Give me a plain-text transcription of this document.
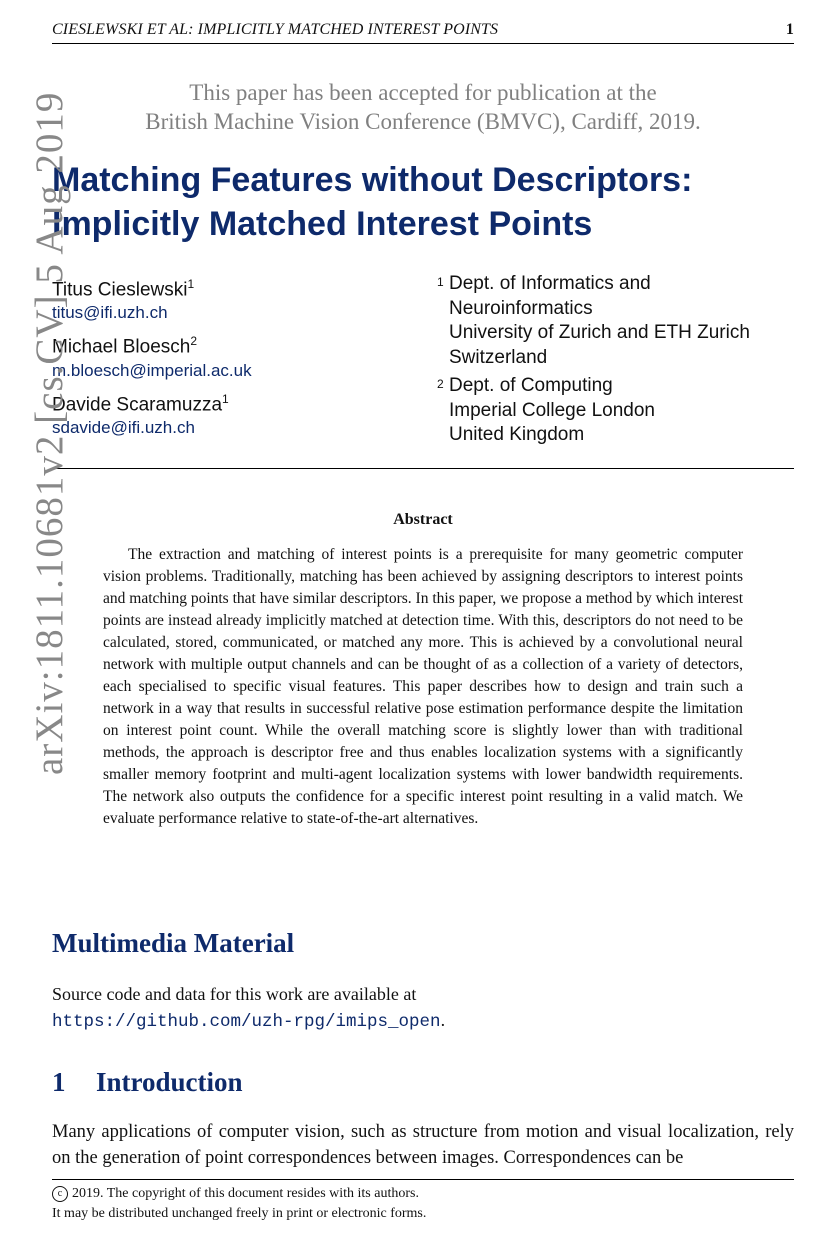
CIESLEWSKI ET AL: IMPLICITLY MATCHED INTEREST POINTS	1
This paper has been accepted for publication at the
British Machine Vision Conference (BMVC), Cardiff, 2019.
Matching Features without Descriptors:
Implicitly Matched Interest Points
Titus Cieslewski$^1$
titus@ifi.uzh.ch
Michael Bloesch$^2$
m.bloesch@imperial.ac.uk
Davide Scaramuzza$^1$
sdavide@ifi.uzh.ch
1 Dept. of Informatics and
Neuroinformatics
University of Zurich and ETH Zurich
Switzerland
2 Dept. of Computing
Imperial College London
United Kingdom
Abstract
The extraction and matching of interest points is a prerequisite for many geometric computer vision problems. Traditionally, matching has been achieved by assigning descriptors to interest points and matching points that have similar descriptors. In this paper, we propose a method by which interest points are instead already implicitly matched at detection time. With this, descriptors do not need to be calculated, stored, communicated, or matched any more. This is achieved by a convolutional neural network with multiple output channels and can be thought of as a collection of a variety of detectors, each specialised to specific visual features. This paper describes how to design and train such a network in a way that results in successful relative pose estimation performance despite the limitation on interest point count. While the overall matching score is slightly lower than with traditional methods, the approach is descriptor free and thus enables localization systems with a significantly smaller memory footprint and multi-agent localization systems with lower bandwidth requirements. The network also outputs the confidence for a specific interest point resulting in a valid match. We evaluate performance relative to state-of-the-art alternatives.
Multimedia Material
Source code and data for this work are available at
https://github.com/uzh-rpg/imips_open.
1 Introduction
Many applications of computer vision, such as structure from motion and visual localization, rely on the generation of point correspondences between images. Correspondences can be
c 2019. The copyright of this document resides with its authors.
It may be distributed unchanged freely in print or electronic forms.
arXiv:1811.10681v2 [cs.CV] 5 Aug 2019
